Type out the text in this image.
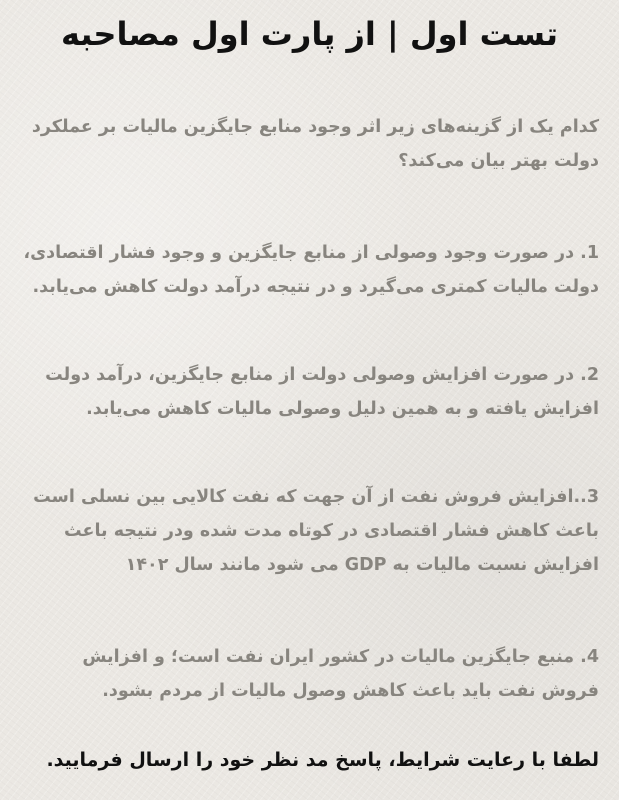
تست اول | از پارت اول مصاحبه

کدام یک از گزینه‌های زیر اثر وجود منابع جایگزین مالیات بر عملکرد دولت بهتر بیان می‌کند؟

1. در صورت وجود وصولی از منابع جایگزین و وجود فشار اقتصادی، دولت مالیات کمتری می‌گیرد و در نتیجه درآمد دولت کاهش می‌یابد.

2. در صورت افزایش وصولی دولت از منابع جایگزین، درآمد دولت افزایش یافته و به همین دلیل وصولی مالیات کاهش می‌یابد.

3..افزایش فروش نفت از آن جهت که نفت کالایی بین نسلی است باعث کاهش فشار اقتصادی در کوتاه مدت شده ودر نتیجه باعث افزایش نسبت مالیات به GDP می شود مانند سال ۱۴۰۲

4. منبع جایگزین مالیات در کشور ایران نفت است؛ و افزایش فروش نفت باید باعث کاهش وصول مالیات از مردم بشود.

لطفا با رعایت شرایط، پاسخ مد نظر خود را ارسال فرمایید.
